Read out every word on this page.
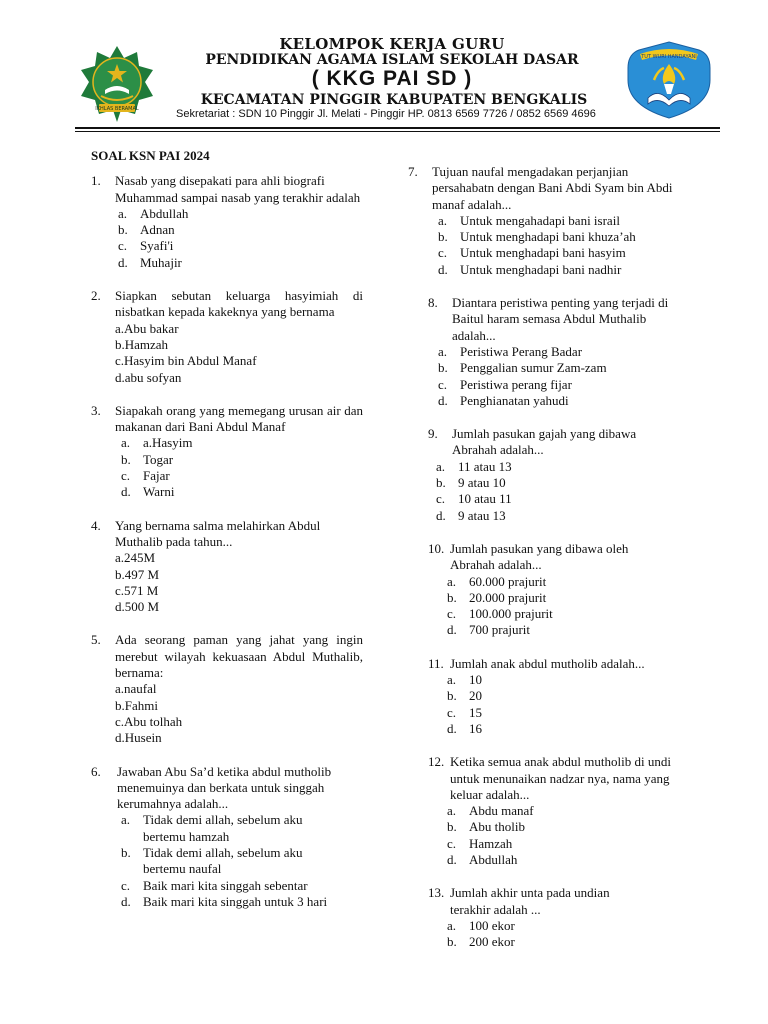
IKHLAS BERAMAL
KELOMPOK KERJA GURU
PENDIDIKAN AGAMA ISLAM SEKOLAH DASAR
( KKG PAI SD )
KECAMATAN PINGGIR KABUPATEN BENGKALIS
Sekretariat : SDN 10 Pinggir Jl. Melati - Pinggir HP. 0813 6569 7726 / 0852 6569 4696
TUT WURI HANDAYANI
SOAL KSN PAI 2024
1.	Nasab yang disepakati para ahli biografi Muhammad sampai nasab yang terakhir adalah
a. Abdullah
b. Adnan
c. Syafi'i
d. Muhajir
2.	Siapkan sebutan keluarga hasyimiah di nisbatkan kepada kakeknya yang bernama
a.Abu bakar
b.Hamzah
c.Hasyim bin Abdul Manaf
d.abu sofyan
3.	Siapakah orang yang memegang urusan air dan makanan dari Bani Abdul Manaf
a. a.Hasyim
b. Togar
c. Fajar
d. Warni
4.	Yang bernama salma melahirkan Abdul Muthalib pada tahun...
a.245M
b.497 M
c.571 M
d.500 M
5.	Ada seorang paman yang jahat yang ingin merebut wilayah kekuasaan Abdul Muthalib, bernama:
a.naufal
b.Fahmi
c.Abu tolhah
d.Husein
6.	Jawaban Abu Sa’d ketika abdul mutholib menemuinya dan berkata untuk singgah kerumahnya adalah...
a. Tidak demi allah, sebelum aku bertemu hamzah
b. Tidak demi allah, sebelum aku bertemu naufal
c. Baik mari kita singgah sebentar
d. Baik mari kita singgah untuk 3 hari
7.	Tujuan naufal mengadakan perjanjian persahabatn dengan Bani Abdi Syam bin Abdi manaf adalah...
a. Untuk mengahadapi bani israil
b. Untuk menghadapi bani khuza’ah
c. Untuk menghadapi bani hasyim
d. Untuk menghadapi bani nadhir
8.	Diantara peristiwa penting yang terjadi di Baitul haram semasa Abdul Muthalib adalah...
a. Peristiwa Perang Badar
b. Penggalian sumur Zam-zam
c. Peristiwa perang fijar
d. Penghianatan yahudi
9.	Jumlah pasukan gajah yang dibawa Abrahah adalah...
a. 11 atau 13
b. 9 atau 10
c. 10 atau 11
d. 9 atau 13
10. Jumlah pasukan yang dibawa oleh Abrahah adalah...
a. 60.000 prajurit
b. 20.000 prajurit
c. 100.000 prajurit
d. 700 prajurit
11. Jumlah anak abdul mutholib adalah...
a. 10
b. 20
c. 15
d. 16
12. Ketika semua anak abdul mutholib di undi untuk menunaikan nadzar nya, nama yang keluar adalah...
a. Abdu manaf
b. Abu tholib
c. Hamzah
d. Abdullah
13. Jumlah akhir unta pada undian terakhir adalah ...
a. 100 ekor
b. 200 ekor
